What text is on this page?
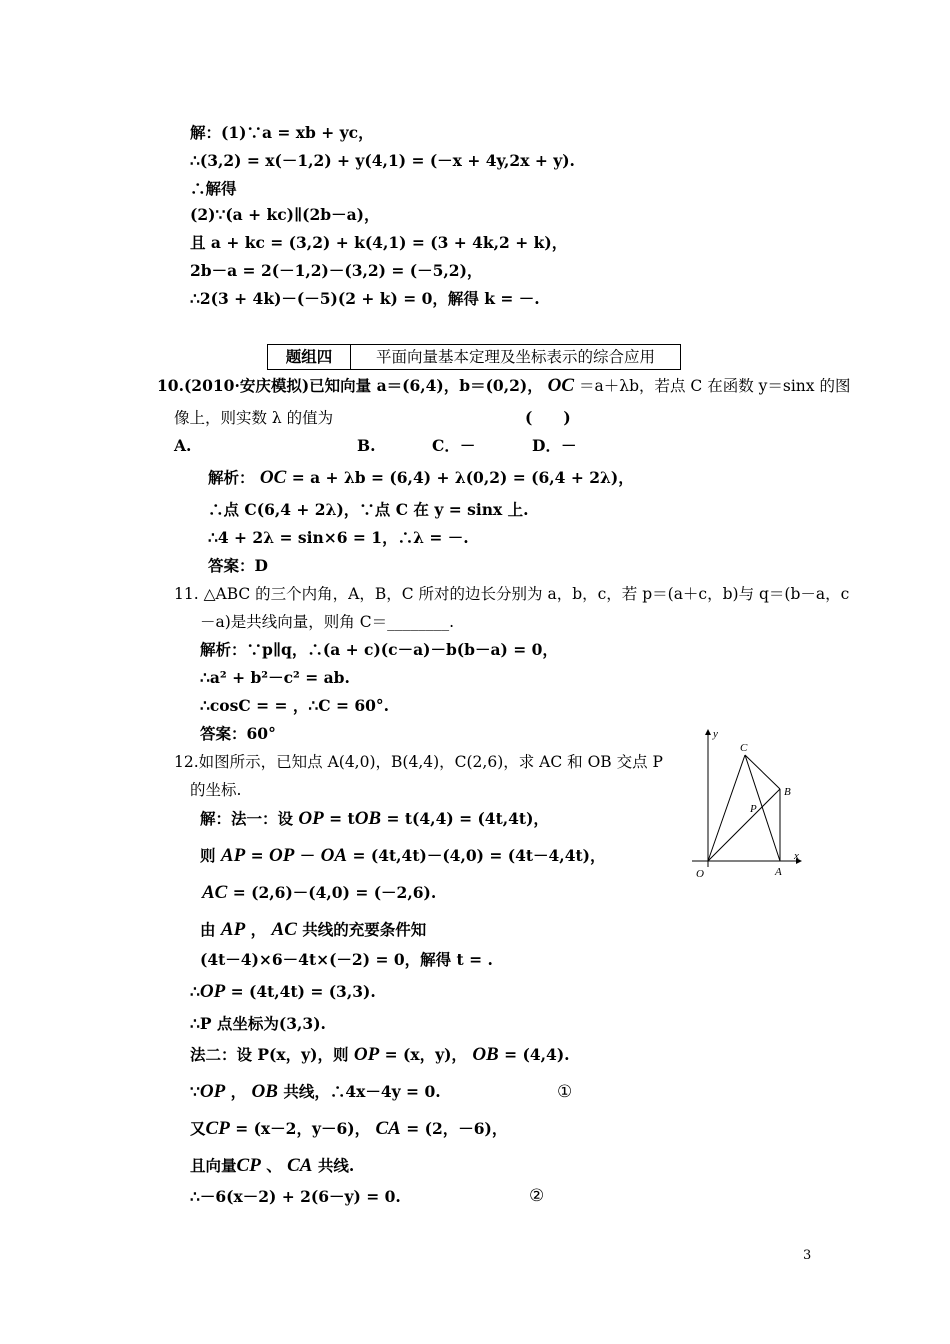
解：(1)∵a = xb + yc，
∴(3,2) = x(－1,2) + y(4,1) = (－x + 4y,2x + y).
∴解得
(2)∵(a + kc)∥(2b－a)，
且 a + kc = (3,2) + k(4,1) = (3 + 4k,2 + k)，
2b－a = 2(－1,2)－(3,2) = (－5,2)，
∴2(3 + 4k)－(－5)(2 + k) = 0，解得 k = －.
题组四	平面向量基本定理及坐标表示的综合应用
10.(2010·安庆模拟)已知向量 a＝(6,4)，b＝(0,2)， OC ＝a＋λb，若点 C 在函数 y＝sinx 的图
像上，则实数 λ 的值为	(　　)
A.	B.	C．－	D．－
解析： OC = a + λb = (6,4) + λ(0,2) = (6,4 + 2λ)，
∴点 C(6,4 + 2λ)，∵点 C 在 y = sinx 上.
∴4 + 2λ = sin×6 = 1，∴λ = －.
答案：D
11. △ABC 的三个内角，A，B，C 所对的边长分别为 a，b，c，若 p＝(a＋c，b)与 q＝(b－a，c
－a)是共线向量，则角 C＝________.
解析：∵p∥q，∴(a + c)(c－a)－b(b－a) = 0，
∴a² + b²－c² = ab.
∴cosC = = ，∴C = 60°.
答案：60°
12.如图所示，已知点 A(4,0)，B(4,4)，C(2,6)，求 AC 和 OB 交点 P
的坐标.
解：法一：设 OP = tOB = t(4,4) = (4t,4t)，
则 AP = OP － OA = (4t,4t)－(4,0) = (4t－4,4t)，
AC = (2,6)－(4,0) = (－2,6).
由 AP ， AC 共线的充要条件知
(4t－4)×6－4t×(－2) = 0，解得 t = .
∴OP = (4t,4t) = (3,3).
∴P 点坐标为(3,3).
法二：设 P(x，y)，则 OP = (x，y)， OB = (4,4).
∵OP ， OB 共线，∴4x－4y = 0.	①
又CP = (x－2，y－6)， CA = (2，－6)，
且向量CP 、 CA 共线.
∴－6(x－2) + 2(6－y) = 0.	②
y
x
O	A
B
C
P
3
